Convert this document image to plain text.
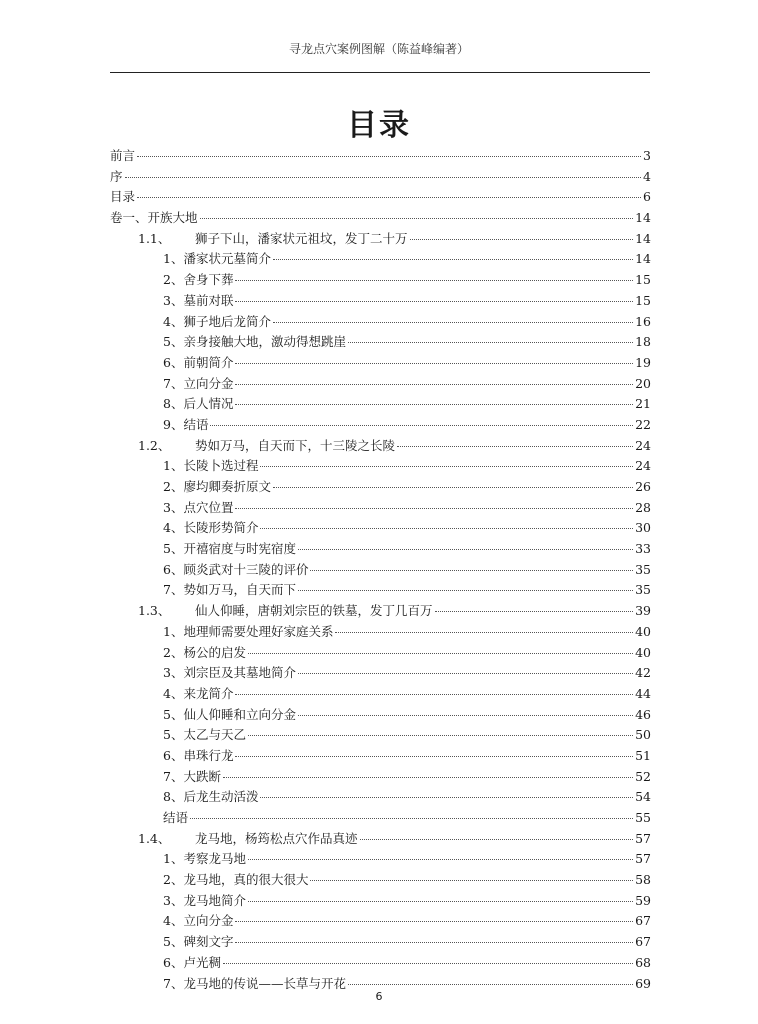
寻龙点穴案例图解（陈益峰编著）
目录
前言	3
序	4
目录	6
卷一、开族大地	14
1.1、	狮子下山，潘家状元祖坟，发丁二十万	14
1、 潘家状元墓简介	14
2、 舍身下葬	15
3、 墓前对联	15
4、 狮子地后龙简介	16
5、 亲身接触大地，激动得想跳崖	18
6、 前朝简介	19
7、 立向分金	20
8、 后人情况	21
9、 结语	22
1.2、	势如万马，自天而下，十三陵之长陵	24
1、 长陵卜选过程	24
2、 廖均卿奏折原文	26
3、 点穴位置	28
4、 长陵形势简介	30
5、 开禧宿度与时宪宿度	33
6、 顾炎武对十三陵的评价	35
7、 势如万马，自天而下	35
1.3、	仙人仰睡，唐朝刘宗臣的铁墓，发丁几百万	39
1、 地理师需要处理好家庭关系	40
2、 杨公的启发	40
3、 刘宗臣及其墓地简介	42
4、 来龙简介	44
5、 仙人仰睡和立向分金	46
5、 太乙与天乙	50
6、 串珠行龙	51
7、 大跌断	52
8、 后龙生动活泼	54
结语	55
1.4、	龙马地，杨筠松点穴作品真迹	57
1、 考察龙马地	57
2、 龙马地，真的很大很大	58
3、 龙马地简介	59
4、 立向分金	67
5、 碑刻文字	67
6、 卢光稠	68
7、 龙马地的传说——长草与开花	69
6
